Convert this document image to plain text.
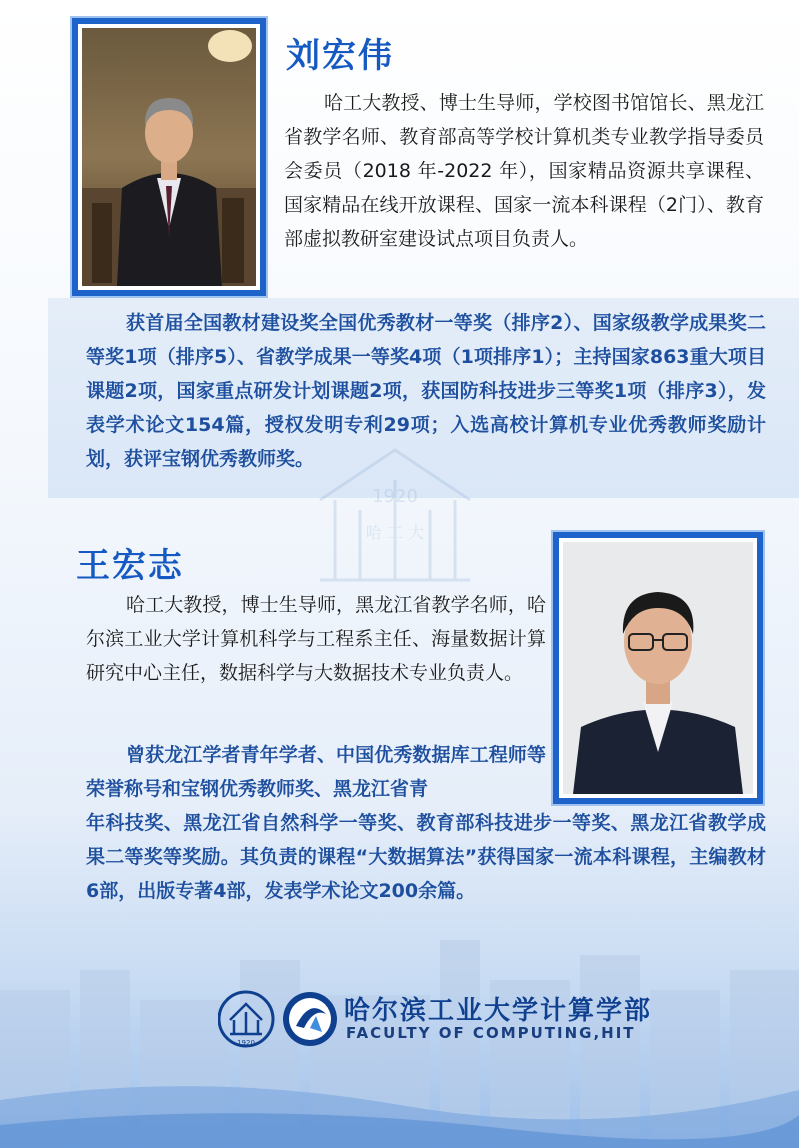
1920
哈 工 大
刘宏伟

哈工大教授、博士生导师，学校图书馆馆长、黑龙江省教学名师、教育部高等学校计算机类专业教学指导委员会委员（2018 年-2022 年），国家精品资源共享课程、国家精品在线开放课程、国家一流本科课程（2门）、教育部虚拟教研室建设试点项目负责人。

获首届全国教材建设奖全国优秀教材一等奖（排序2）、国家级教学成果奖二等奖1项（排序5）、省教学成果一等奖4项（1项排序1）；主持国家863重大项目课题2项，国家重点研发计划课题2项，获国防科技进步三等奖1项（排序3），发表学术论文154篇，授权发明专利29项；入选高校计算机专业优秀教师奖励计划，获评宝钢优秀教师奖。

王宏志

哈工大教授，博士生导师，黑龙江省教学名师，哈尔滨工业大学计算机科学与工程系主任、海量数据计算研究中心主任，数据科学与大数据技术专业负责人。

曾获龙江学者青年学者、中国优秀数据库工程师等荣誉称号和宝钢优秀教师奖、黑龙江省青

年科技奖、黑龙江省自然科学一等奖、教育部科技进步一等奖、黑龙江省教学成果二等奖等奖励。其负责的课程“大数据算法”获得国家一流本科课程，主编教材6部，出版专著4部，发表学术论文200余篇。

1920
哈尔滨工业大学计算学部
FACULTY OF COMPUTING,HIT
